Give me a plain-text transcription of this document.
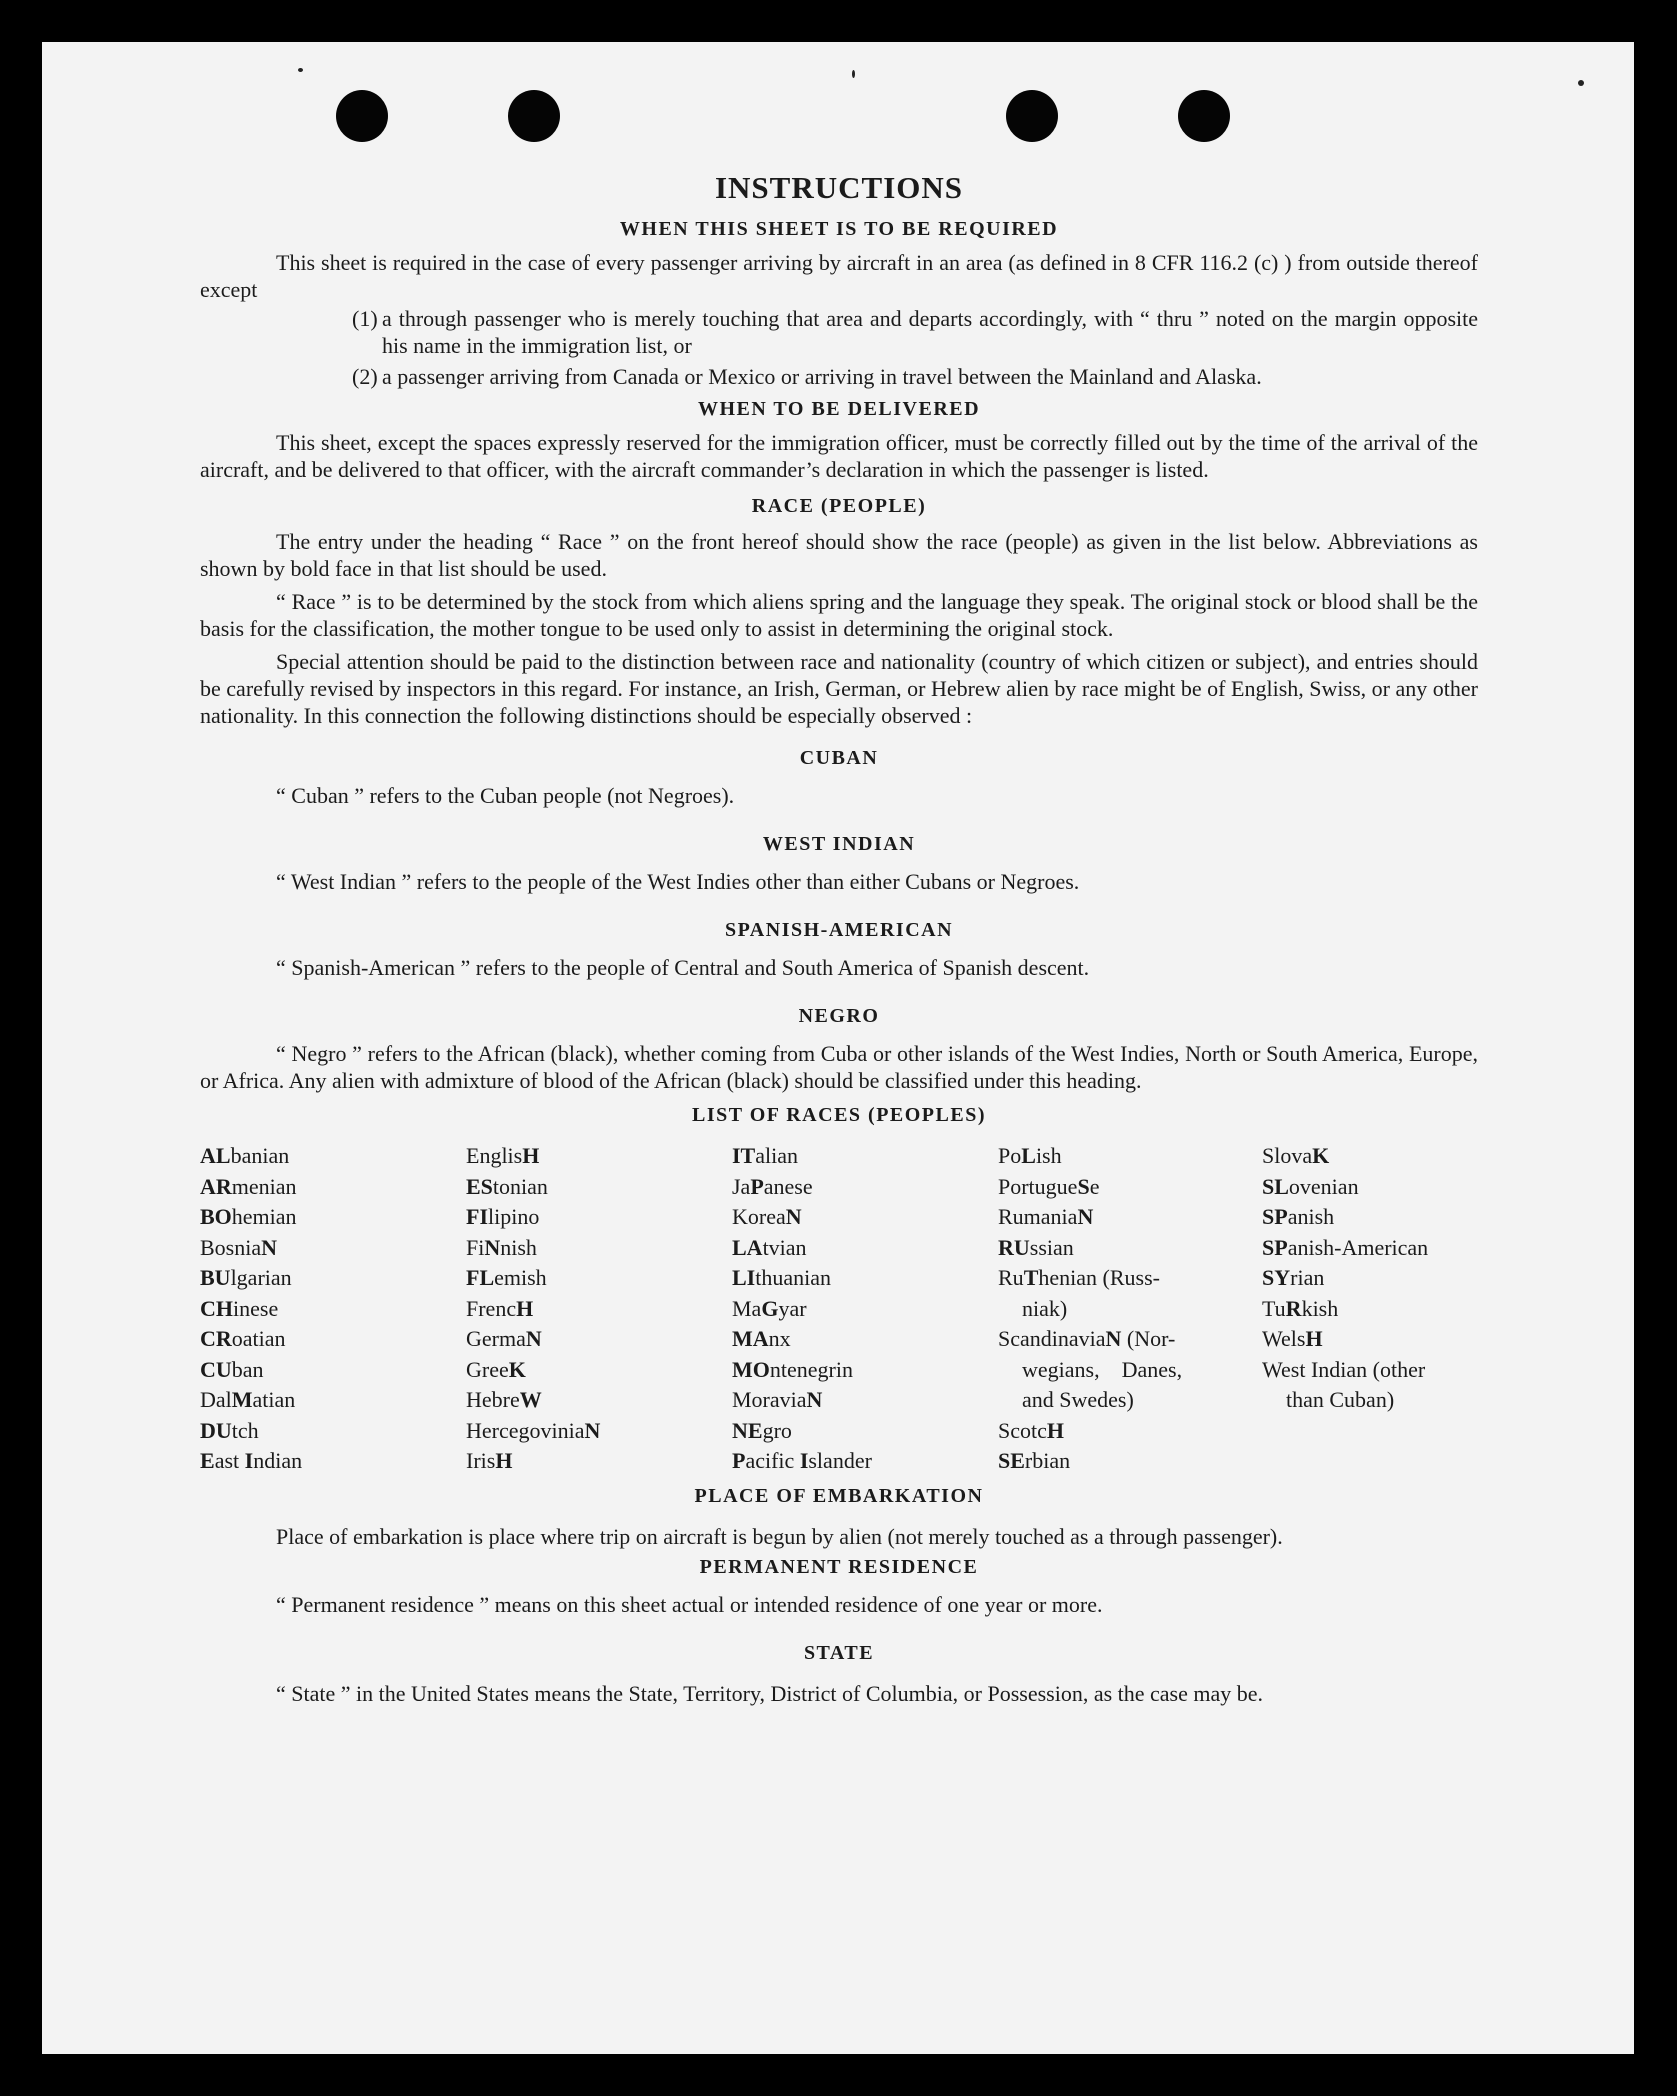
INSTRUCTIONS
WHEN THIS SHEET IS TO BE REQUIRED

This sheet is required in the case of every passenger arriving by aircraft in an area (as defined in 8 CFR 116.2 (c) ) from outside thereof except

(1) a through passenger who is merely touching that area and departs accordingly, with “ thru ” noted on the margin opposite his name in the immigration list, or
(2) a passenger arriving from Canada or Mexico or arriving in travel between the Mainland and Alaska.
WHEN TO BE DELIVERED

This sheet, except the spaces expressly reserved for the immigration officer, must be correctly filled out by the time of the arrival of the aircraft, and be delivered to that officer, with the aircraft commander’s declaration in which the passenger is listed.

RACE (PEOPLE)

The entry under the heading “ Race ” on the front hereof should show the race (people) as given in the list below. Abbreviations as shown by bold face in that list should be used.

“ Race ” is to be determined by the stock from which aliens spring and the language they speak. The original stock or blood shall be the basis for the classification, the mother tongue to be used only to assist in determining the original stock.

Special attention should be paid to the distinction between race and nationality (country of which citizen or subject), and entries should be carefully revised by inspectors in this regard. For instance, an Irish, German, or Hebrew alien by race might be of English, Swiss, or any other nationality. In this connection the following distinctions should be especially observed :

CUBAN

“ Cuban ” refers to the Cuban people (not Negroes).

WEST INDIAN

“ West Indian ” refers to the people of the West Indies other than either Cubans or Negroes.

SPANISH-AMERICAN

“ Spanish-American ” refers to the people of Central and South America of Spanish descent.

NEGRO

“ Negro ” refers to the African (black), whether coming from Cuba or other islands of the West Indies, North or South America, Europe, or Africa. Any alien with admixture of blood of the African (black) should be classified under this heading.

LIST OF RACES (PEOPLES)
ALbanian
ARmenian
BOhemian
BosniaN
BUlgarian
CHinese
CRoatian
CUban
DalMatian
DUtch
East Indian
EnglisH
EStonian
FIlipino
FiNnish
FLemish
FrencH
GermaN
GreeK
HebreW
HercegoviniaN
IrisH
ITalian
JaPanese
KoreaN
LAtvian
LIthuanian
MaGyar
MAnx
MOntenegrin
MoraviaN
NEgro
Pacific Islander
PoLish
PortugueSe
RumaniaN
RUssian
RuThenian (Russ-
niak)
ScandinaviaN (Nor-
wegians,    Danes,
and Swedes)
ScotcH
SErbian
SlovaK
SLovenian
SPanish
SPanish-American
SYrian
TuRkish
WelsH
West Indian (other
than Cuban)
PLACE OF EMBARKATION

Place of embarkation is place where trip on aircraft is begun by alien (not merely touched as a through passenger).

PERMANENT RESIDENCE

“ Permanent residence ” means on this sheet actual or intended residence of one year or more.

STATE

“ State ” in the United States means the State, Territory, District of Columbia, or Possession, as the case may be.
